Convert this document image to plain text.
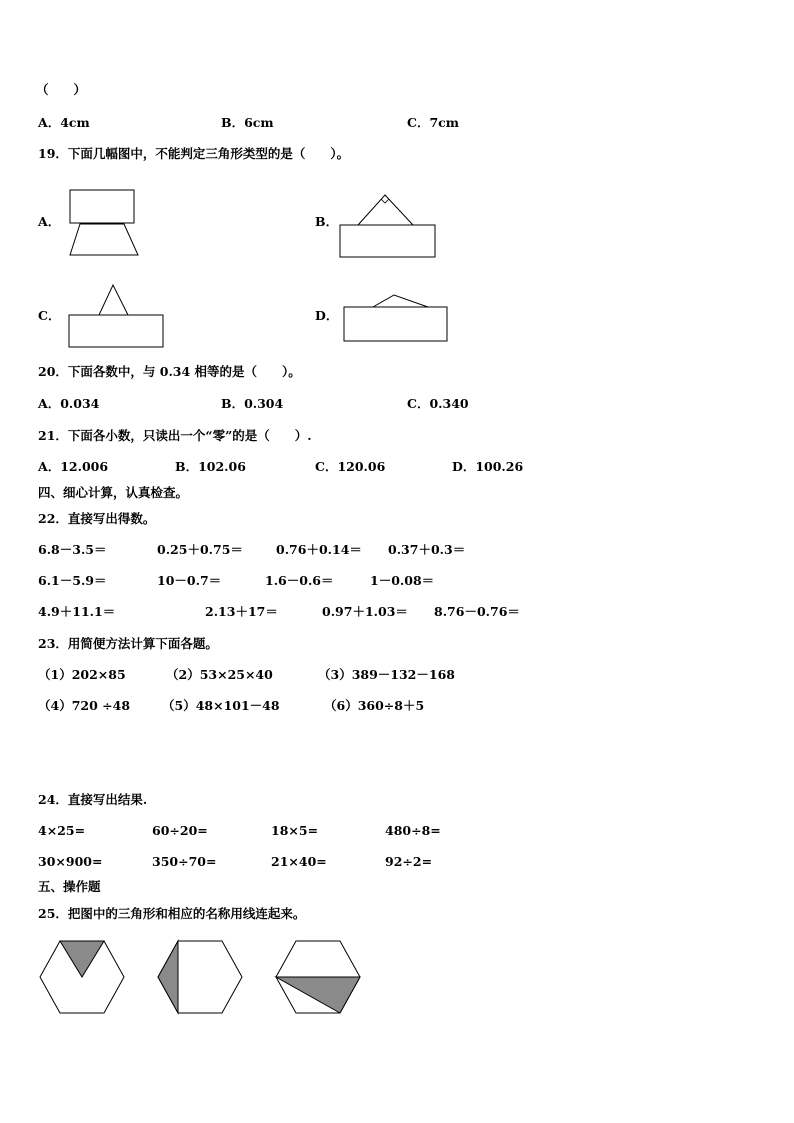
（　　）
A．4cm	B．6cm	C．7cm
19．下面几幅图中，不能判定三角形类型的是（　　）。
A．	B．
C．	D．
20．下面各数中，与 0.34 相等的是（　　）。
A．0.034	B．0.304	C．0.340
21．下面各小数，只读出一个“零”的是（　　）.
A．12.006	B．102.06	C．120.06	D．100.26
四、细心计算，认真检查。
22．直接写出得数。
6.8－3.5＝	0.25＋0.75＝	0.76＋0.14＝ 0.37＋0.3＝
6.1－5.9＝	10－0.7＝	1.6－0.6＝	1－0.08＝
4.9＋11.1＝	2.13＋17＝	0.97＋1.03＝ 8.76－0.76＝
23．用简便方法计算下面各题。
（1）202×85	（2）53×25×40	（3）389－132－168
（4）720 ÷48	（5）48×101－48	（6）360÷8＋5
24．直接写出结果.
4×25=	60÷20=	18×5=	480÷8=
30×900=	350÷70=	21×40=	92÷2=
五、操作题
25．把图中的三角形和相应的名称用线连起来。
